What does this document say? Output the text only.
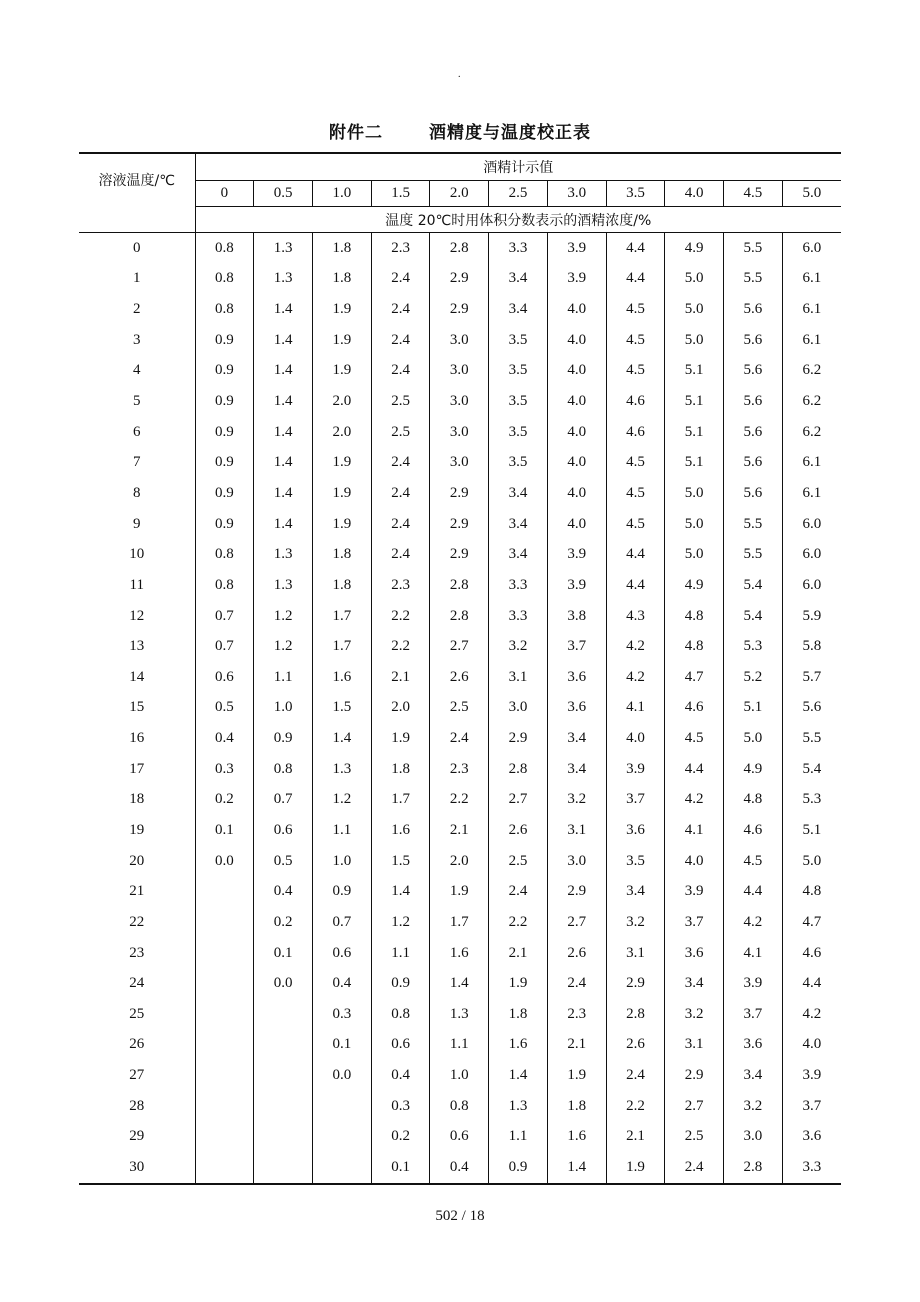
.
附件二	酒精度与温度校正表
溶液温度/℃	酒精计示值										
	0	0.5	1.0	1.5	2.0	2.5	3.0	3.5	4.0	4.5	5.0
	温度 20℃时用体积分数表示的酒精浓度/%										
0	0.8	1.3	1.8	2.3	2.8	3.3	3.9	4.4	4.9	5.5	6.0
1	0.8	1.3	1.8	2.4	2.9	3.4	3.9	4.4	5.0	5.5	6.1
2	0.8	1.4	1.9	2.4	2.9	3.4	4.0	4.5	5.0	5.6	6.1
3	0.9	1.4	1.9	2.4	3.0	3.5	4.0	4.5	5.0	5.6	6.1
4	0.9	1.4	1.9	2.4	3.0	3.5	4.0	4.5	5.1	5.6	6.2
5	0.9	1.4	2.0	2.5	3.0	3.5	4.0	4.6	5.1	5.6	6.2
6	0.9	1.4	2.0	2.5	3.0	3.5	4.0	4.6	5.1	5.6	6.2
7	0.9	1.4	1.9	2.4	3.0	3.5	4.0	4.5	5.1	5.6	6.1
8	0.9	1.4	1.9	2.4	2.9	3.4	4.0	4.5	5.0	5.6	6.1
9	0.9	1.4	1.9	2.4	2.9	3.4	4.0	4.5	5.0	5.5	6.0
10	0.8	1.3	1.8	2.4	2.9	3.4	3.9	4.4	5.0	5.5	6.0
11	0.8	1.3	1.8	2.3	2.8	3.3	3.9	4.4	4.9	5.4	6.0
12	0.7	1.2	1.7	2.2	2.8	3.3	3.8	4.3	4.8	5.4	5.9
13	0.7	1.2	1.7	2.2	2.7	3.2	3.7	4.2	4.8	5.3	5.8
14	0.6	1.1	1.6	2.1	2.6	3.1	3.6	4.2	4.7	5.2	5.7
15	0.5	1.0	1.5	2.0	2.5	3.0	3.6	4.1	4.6	5.1	5.6
16	0.4	0.9	1.4	1.9	2.4	2.9	3.4	4.0	4.5	5.0	5.5
17	0.3	0.8	1.3	1.8	2.3	2.8	3.4	3.9	4.4	4.9	5.4
18	0.2	0.7	1.2	1.7	2.2	2.7	3.2	3.7	4.2	4.8	5.3
19	0.1	0.6	1.1	1.6	2.1	2.6	3.1	3.6	4.1	4.6	5.1
20	0.0	0.5	1.0	1.5	2.0	2.5	3.0	3.5	4.0	4.5	5.0
21		0.4	0.9	1.4	1.9	2.4	2.9	3.4	3.9	4.4	4.8
22		0.2	0.7	1.2	1.7	2.2	2.7	3.2	3.7	4.2	4.7
23		0.1	0.6	1.1	1.6	2.1	2.6	3.1	3.6	4.1	4.6
24		0.0	0.4	0.9	1.4	1.9	2.4	2.9	3.4	3.9	4.4
25			0.3	0.8	1.3	1.8	2.3	2.8	3.2	3.7	4.2
26			0.1	0.6	1.1	1.6	2.1	2.6	3.1	3.6	4.0
27			0.0	0.4	1.0	1.4	1.9	2.4	2.9	3.4	3.9
28				0.3	0.8	1.3	1.8	2.2	2.7	3.2	3.7
29				0.2	0.6	1.1	1.6	2.1	2.5	3.0	3.6
30				0.1	0.4	0.9	1.4	1.9	2.4	2.8	3.3
502 / 18
